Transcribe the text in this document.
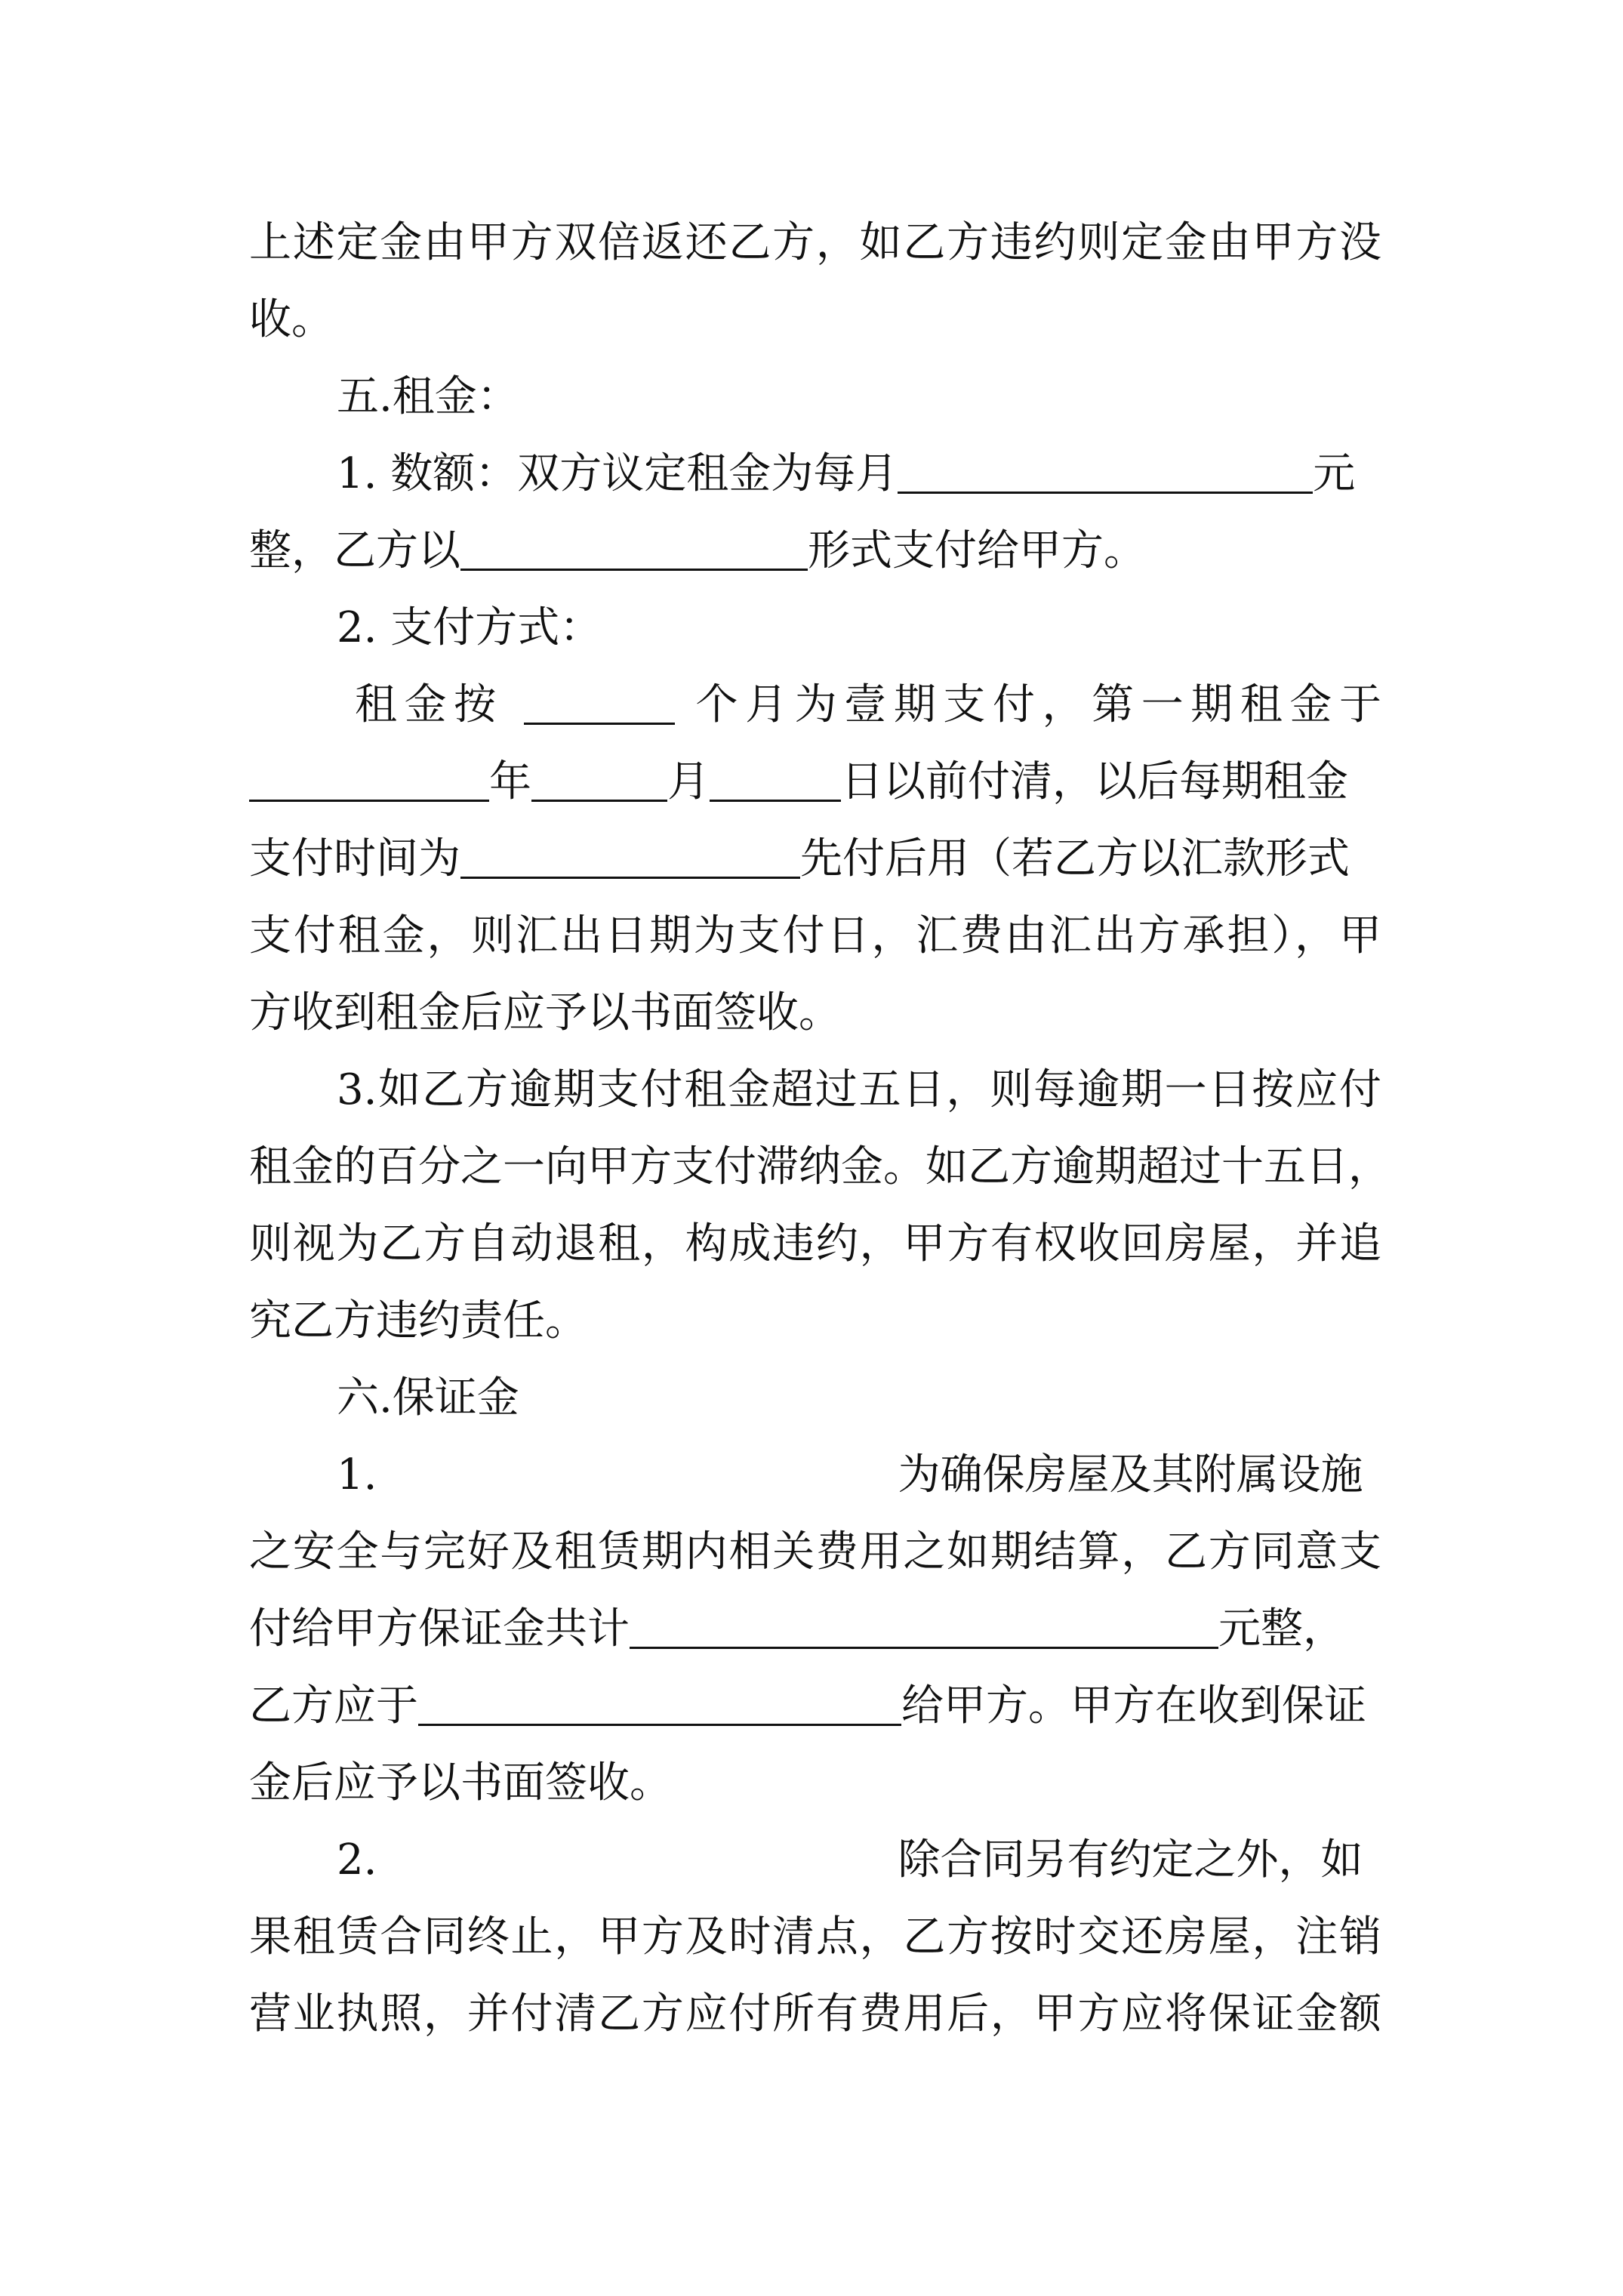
上述定金由甲方双倍返还乙方，如乙方违约则定金由甲方没
收。
五.租金：
1. 数额：双方议定租金为每月	元
整，乙方以	形式支付给甲方。
2. 支付方式：
租金按	个月为壹期支付，第一期租金于
年	月	日以前付清，以后每期租金
支付时间为	先付后用（若乙方以汇款形式
支付租金，则汇出日期为支付日，汇费由汇出方承担），甲
方收到租金后应予以书面签收。
3.如乙方逾期支付租金超过五日，则每逾期一日按应付
租金的百分之一向甲方支付滞纳金。如乙方逾期超过十五日，
则视为乙方自动退租，构成违约，甲方有权收回房屋，并追
究乙方违约责任。
六.保证金
1.	为确保房屋及其附属设施
之安全与完好及租赁期内相关费用之如期结算，乙方同意支
付给甲方保证金共计	元整，
乙方应于	给甲方。甲方在收到保证
金后应予以书面签收。
2.	除合同另有约定之外，如
果租赁合同终止，甲方及时清点，乙方按时交还房屋，注销
营业执照，并付清乙方应付所有费用后，甲方应将保证金额
